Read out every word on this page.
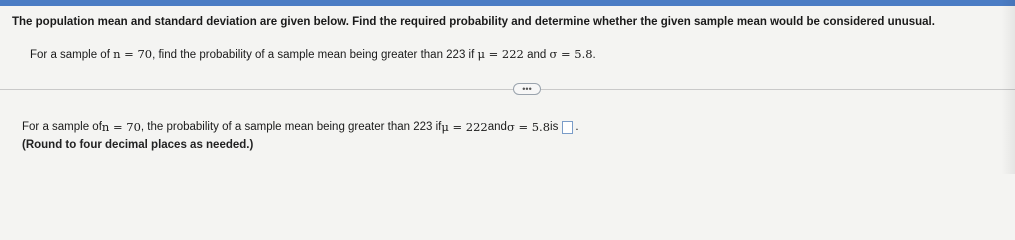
The population mean and standard deviation are given below. Find the required probability and determine whether the given sample mean would be considered unusual.
For a sample of n = 70, find the probability of a sample mean being greater than 223 if μ = 222 and σ = 5.8.
•••
For a sample of n = 70 , the probability of a sample mean being greater than 223 if μ = 222 and σ = 5.8 is .
(Round to four decimal places as needed.)
